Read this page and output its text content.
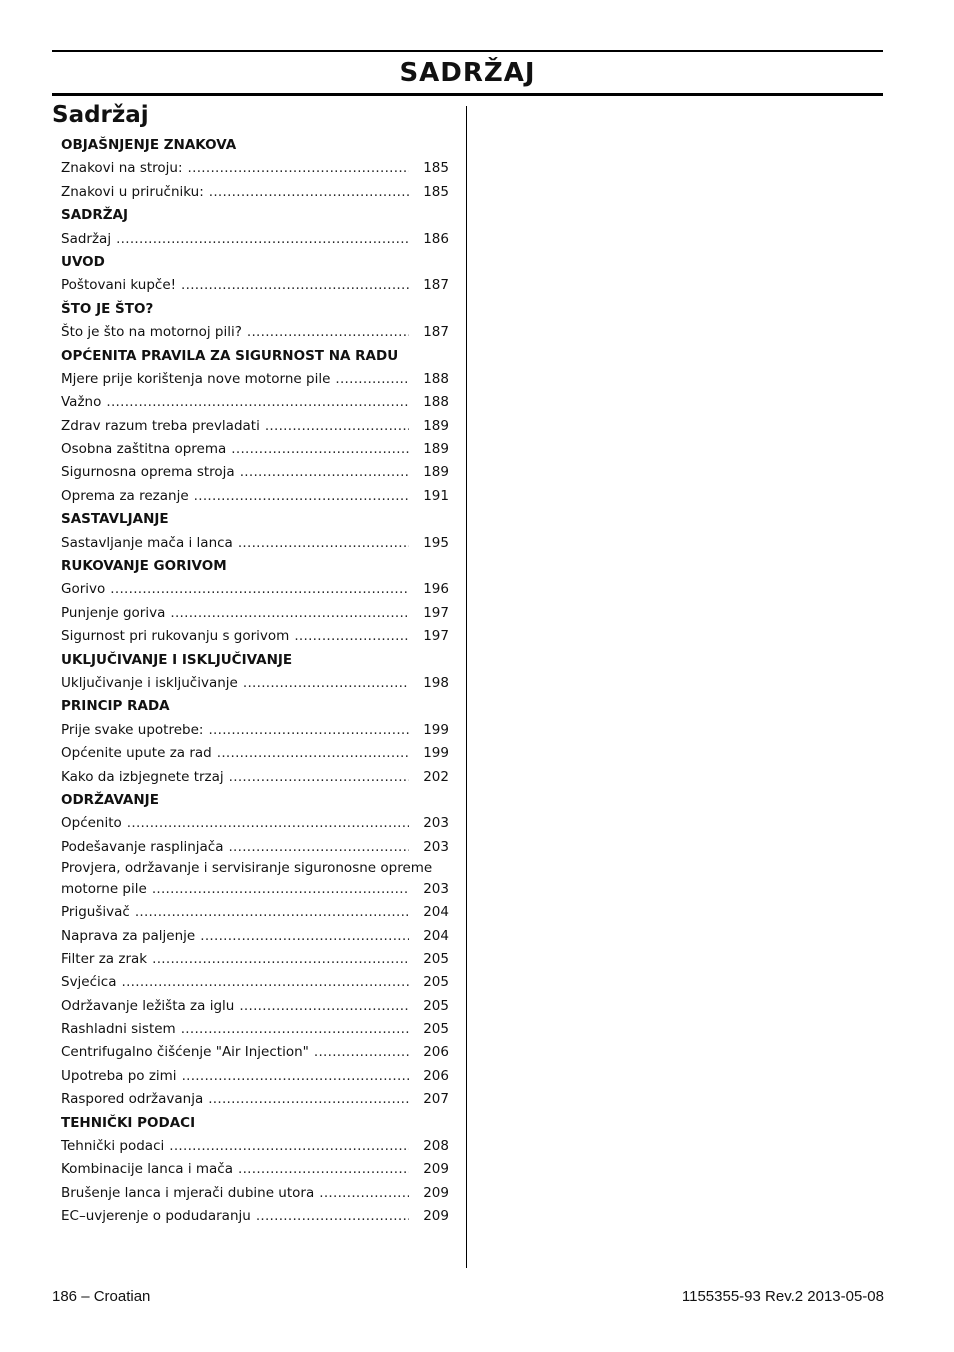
SADRŽAJ
Sadržaj
OBJAŠNJENJE ZNAKOVA
Znakovi na stroju: . . .	185
Znakovi u priručniku: . . .	185
SADRŽAJ
Sadržaj . . .	186
UVOD
Poštovani kupče! . . .	187
ŠTO JE ŠTO?
Što je što na motornoj pili? . . .	187
OPĆENITA PRAVILA ZA SIGURNOST NA RADU
Mjere prije korištenja nove motorne pile . . .	188
Važno . . .	188
Zdrav razum treba prevladati . . .	189
Osobna zaštitna oprema . . .	189
Sigurnosna oprema stroja . . .	189
Oprema za rezanje . . .	191
SASTAVLJANJE
Sastavljanje mača i lanca . . .	195
RUKOVANJE GORIVOM
Gorivo . . .	196
Punjenje goriva . . .	197
Sigurnost pri rukovanju s gorivom . . .	197
UKLJUČIVANJE I ISKLJUČIVANJE
Uključivanje i isključivanje . . .	198
PRINCIP RADA
Prije svake upotrebe: . . .	199
Općenite upute za rad . . .	199
Kako da izbjegnete trzaj . . .	202
ODRŽAVANJE
Općenito . . .	203
Podešavanje rasplinjača . . .	203
Provjera, održavanje i servisiranje siguronosne opreme
motorne pile . . .	203
Prigušivač . . .	204
Naprava za paljenje . . .	204
Filter za zrak . . .	205
Svjećica . . .	205
Održavanje ležišta za iglu . . .	205
Rashladni sistem . . .	205
Centrifugalno čišćenje "Air Injection" . . .	206
Upotreba po zimi . . .	206
Raspored održavanja . . .	207
TEHNIČKI PODACI
Tehnički podaci . . .	208
Kombinacije lanca i mača . . .	209
Brušenje lanca i mjerači dubine utora . . .	209
EC–uvjerenje o podudaranju . . .	209
186 – Croatian	1155355-93 Rev.2 2013-05-08
